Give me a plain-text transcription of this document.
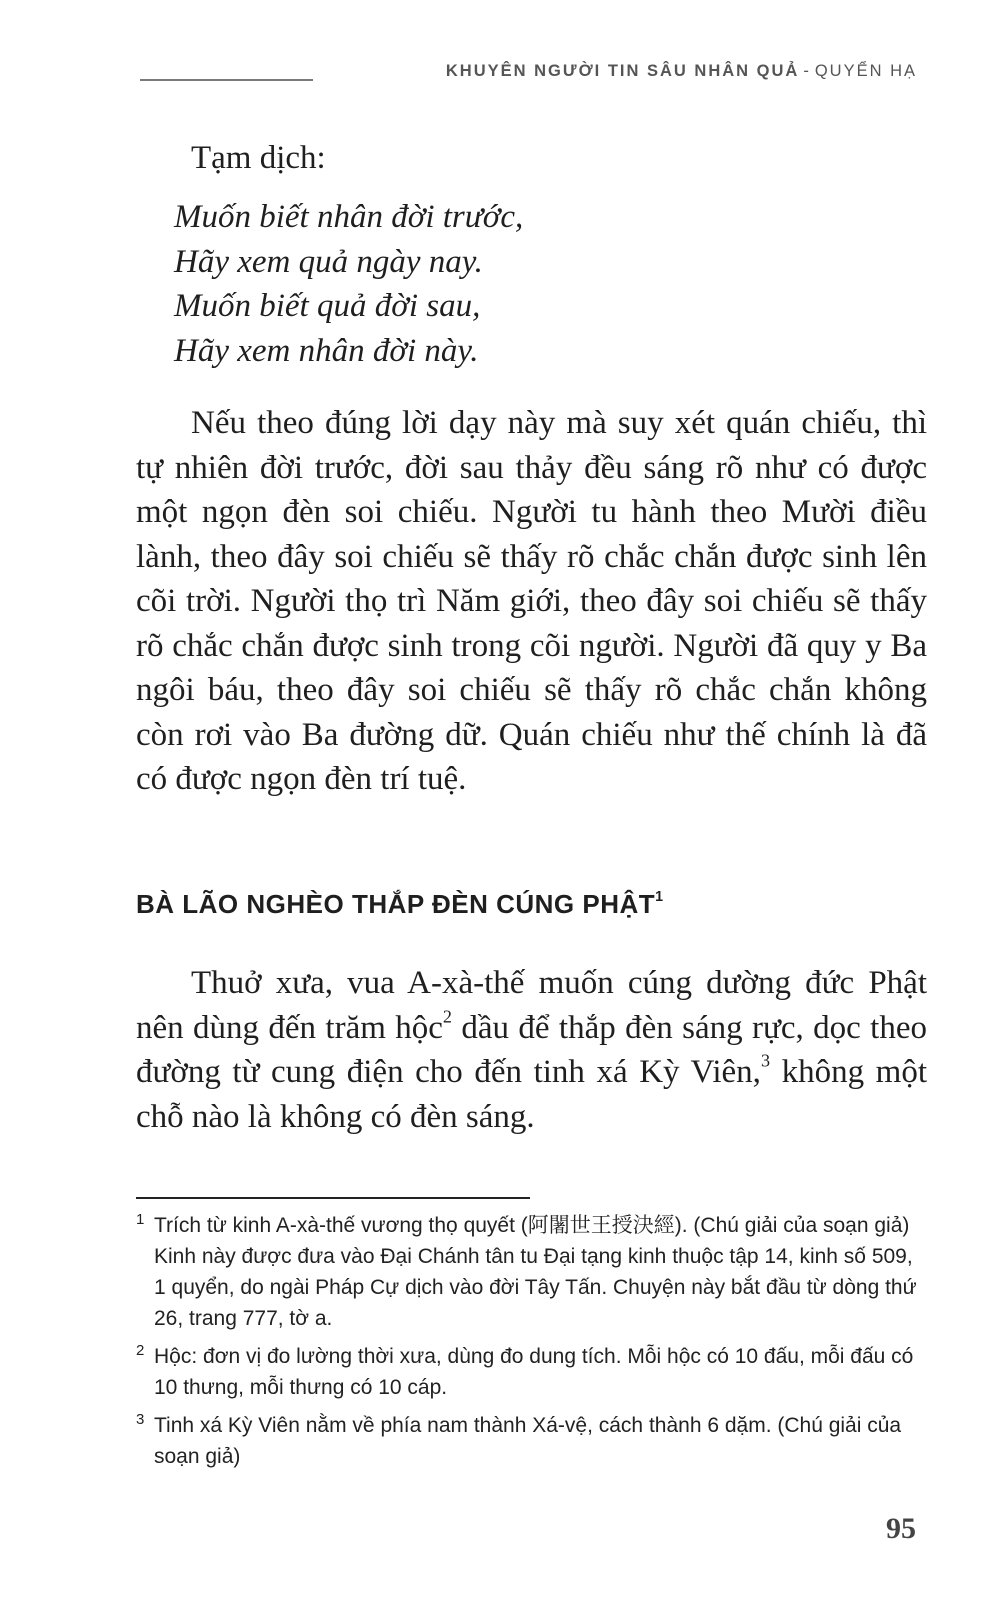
KHUYÊN NGƯỜI TIN SÂU NHÂN QUẢ - QUYỂN HẠ
Tạm dịch:
Muốn biết nhân đời trước,
Hãy xem quả ngày nay.
Muốn biết quả đời sau,
Hãy xem nhân đời này.

Nếu theo đúng lời dạy này mà suy xét quán chiếu, thì tự nhiên đời trước, đời sau thảy đều sáng rõ như có được một ngọn đèn soi chiếu. Người tu hành theo Mười điều lành, theo đây soi chiếu sẽ thấy rõ chắc chắn được sinh lên cõi trời. Người thọ trì Năm giới, theo đây soi chiếu sẽ thấy rõ chắc chắn được sinh trong cõi người. Người đã quy y Ba ngôi báu, theo đây soi chiếu sẽ thấy rõ chắc chắn không còn rơi vào Ba đường dữ. Quán chiếu như thế chính là đã có được ngọn đèn trí tuệ.

BÀ LÃO NGHÈO THẮP ĐÈN CÚNG PHẬT$^1$

Thuở xưa, vua A-xà-thế muốn cúng dường đức Phật nên dùng đến trăm hộc$^2$ dầu để thắp đèn sáng rực, dọc theo đường từ cung điện cho đến tinh xá Kỳ Viên,$^3$ không một chỗ nào là không có đèn sáng.

1 Trích từ kinh A-xà-thế vương thọ quyết (阿闍世王授決經). (Chú giải của soạn giả) Kinh này được đưa vào Đại Chánh tân tu Đại tạng kinh thuộc tập 14, kinh số 509, 1 quyển, do ngài Pháp Cự dịch vào đời Tây Tấn. Chuyện này bắt đầu từ dòng thứ 26, trang 777, tờ a.
2 Hộc: đơn vị đo lường thời xưa, dùng đo dung tích. Mỗi hộc có 10 đấu, mỗi đấu có 10 thưng, mỗi thưng có 10 cáp.
3 Tinh xá Kỳ Viên nằm về phía nam thành Xá-vệ, cách thành 6 dặm. (Chú giải của soạn giả)
95
